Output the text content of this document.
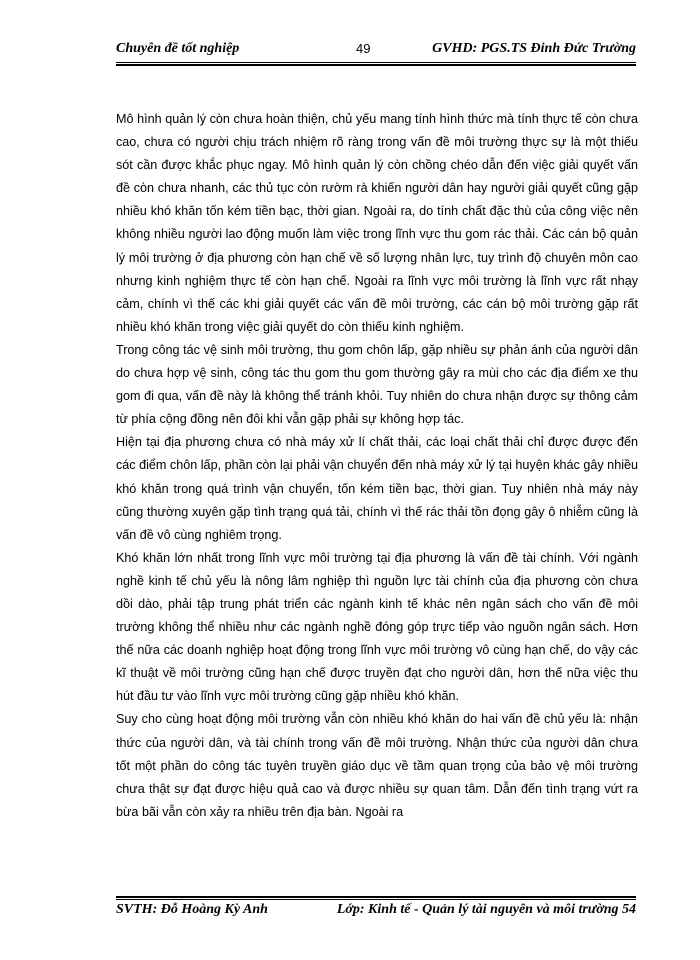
Chuyên đề tốt nghiệp	49	GVHD: PGS.TS Đinh Đức Trường

Mô hình quản lý còn chưa hoàn thiện, chủ yếu mang tính hình thức mà tính thực tế còn chưa cao, chưa có người chịu trách nhiệm rõ ràng trong vấn đề môi trường thực sự là một thiếu sót cần được khắc phục ngay. Mô hình quản lý còn chồng chéo dẫn đến việc giải quyết vấn đề còn chưa nhanh, các thủ tục còn rườm rà khiến người dân hay người giải quyết cũng gặp nhiều khó khăn tốn kém tiền bạc, thời gian. Ngoài ra, do tính chất đặc thù của công việc nên không nhiều người lao động muốn làm việc trong lĩnh vực thu gom rác thải. Các cán bộ quản lý môi trường ở địa phương còn hạn chế về số lượng nhân lực, tuy trình độ chuyên môn cao nhưng kinh nghiệm thực tế còn hạn chế. Ngoài ra lĩnh vực môi trường là lĩnh vực rất nhạy cảm, chính vì thế các khi giải quyết các vấn đề môi trường, các cán bộ môi trường gặp rất nhiều khó khăn trong việc giải quyết do còn thiếu kinh nghiệm.

Trong công tác vệ sinh môi trường, thu gom chôn lấp, gặp nhiều sự phản ánh của người dân do chưa hợp vệ sinh, công tác thu gom thu gom thường gây ra mùi cho các địa điểm xe thu gom đi qua, vấn đề này là không thể tránh khỏi. Tuy nhiên do chưa nhận được sự thông cảm từ phía cộng đồng nên đôi khi vẫn gặp phải sự không hợp tác.

Hiện tại địa phương chưa có nhà máy xử lí chất thải, các loại chất thải chỉ được được đến các điểm chôn lấp, phần còn lại phải vận chuyển đến nhà máy xử lý tại huyện khác gây nhiều khó khăn trong quá trình vận chuyển, tốn kém tiền bạc, thời gian. Tuy nhiên nhà máy này cũng thường xuyên gặp tình trạng quá tải, chính vì thế rác thải tồn đọng gây ô nhiễm cũng là vấn đề vô cùng nghiêm trọng.

Khó khăn lớn nhất trong lĩnh vực môi trường tại địa phương là vấn đề tài chính. Với ngành nghề kinh tế chủ yếu là nông lâm nghiệp thì nguồn lực tài chính của địa phương còn chưa dồi dào, phải tập trung phát triển các ngành kinh tế khác nên ngân sách cho vấn đề môi trường không thể nhiều như các ngành nghề đóng góp trực tiếp vào nguồn ngân sách. Hơn thế nữa các doanh nghiệp hoạt động trong lĩnh vực môi trường vô cùng hạn chế, do vậy các kĩ thuật về môi trường cũng hạn chế được truyền đạt cho người dân, hơn thế nữa việc thu hút đầu tư vào lĩnh vực môi trường cũng gặp nhiều khó khăn.

Suy cho cùng hoạt động môi trường vẫn còn nhiều khó khăn do hai vấn đề chủ yếu là: nhận thức của người dân, và tài chính trong vấn đề môi trường. Nhận thức của người dân chưa tốt một phần do công tác tuyên truyền giáo dục về tầm quan trọng của bảo vệ môi trường chưa thật sự đạt được hiệu quả cao và được nhiều sự quan tâm. Dẫn đến tình trạng vứt ra bừa bãi vẫn còn xảy ra nhiều trên địa bàn. Ngoài ra

SVTH: Đỗ Hoàng Kỳ Anh	Lớp: Kinh tế - Quản lý tài nguyên và môi trường 54
